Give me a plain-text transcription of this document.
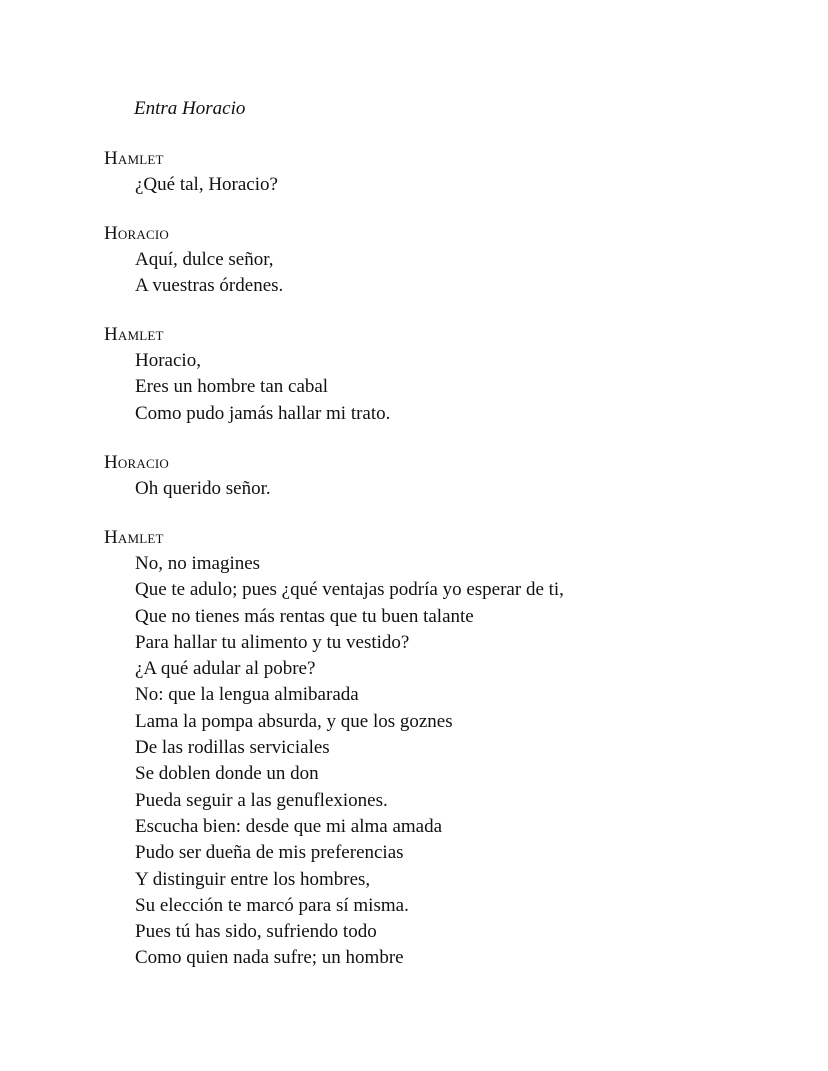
Entra Horacio
Hamlet
¿Qué tal, Horacio?
Horacio
Aquí, dulce señor,
A vuestras órdenes.
Hamlet
Horacio,
Eres un hombre tan cabal
Como pudo jamás hallar mi trato.
Horacio
Oh querido señor.
Hamlet
No, no imagines
Que te adulo; pues ¿qué ventajas podría yo esperar de ti,
Que no tienes más rentas que tu buen talante
Para hallar tu alimento y tu vestido?
¿A qué adular al pobre?
No: que la lengua almibarada
Lama la pompa absurda, y que los goznes
De las rodillas serviciales
Se doblen donde un don
Pueda seguir a las genuflexiones.
Escucha bien: desde que mi alma amada
Pudo ser dueña de mis preferencias
Y distinguir entre los hombres,
Su elección te marcó para sí misma.
Pues tú has sido, sufriendo todo
Como quien nada sufre; un hombre
